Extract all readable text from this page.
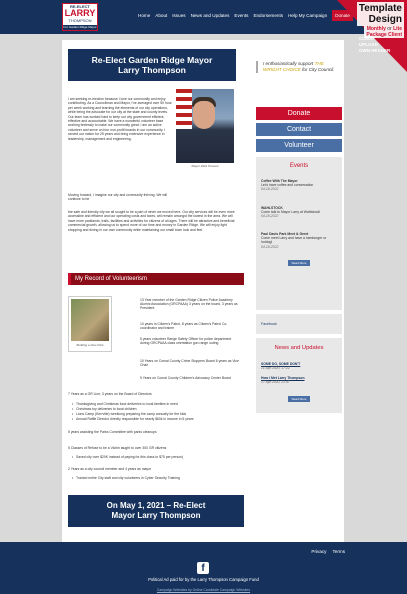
RE-ELECT
LARRY
THOMPSON
For Garden Ridge Mayor
Home About Issues News and Updates Events Endorsements Help My Campaign	Donate
Template
Design
Monthly or Lite
Package Client
CLIENT
UPLOAD
OWN HEADER
Re-Elect Garden Ridge Mayor
Larry Thompson

I am seeking re-election because I love our community and enjoy contributing. As a Councilman and Mayor, I've averaged over 50 hour per week working and learning the elements of our city operations, while being the advocate for our city at the state and county levels. Our team has worked hard to keep our city government efficient, effective and accountable. We have a wonderful volunteer base working tirelessly to make our community great. I am an active volunteer and serve on four non-profit boards in our community. I served our nation for 25 years and bring extensive experience in leadership, management and engineering.

Moving forward, I imagine our city and community thriving. We will continue to be

the safe and friendly city we all sought to be a part of when we moved here. Our city services will be even more accessible and efficient and our operating costs and taxes, will remain amongst the lowest in the area. We will have more parklands, trails, facilities and activities for citizens of all ages. There will be attractive and beneficial commercial growth, allowing us to spend more of our time and money in Garden Ridge. We will enjoy light shopping and dining in our own community while maintaining our small town look and feel.

Mayor 2021 Present
My Record of Volunteerism
Building a New Park
13 Year member of the Garden Ridge Citizen Police Academy Alumni Association (GRCPAAA) 3 years on the board, 3 years as President
10 years in Citizen's Patrol, 8 years as Citizen's Patrol Co-coordinator and trainer
5 years volunteer Range Safety Officer for police department during GRCPAAA class orientation gun range outing
10 Years on Comal County Crime Stoppers Board 6 years as Vice Chair
5 Years on Comal County Children's Advocacy Center Board
7 Years as a GR Lion; 3 years on the Board of Directors
• Thanksgiving and Christmas food deliveries to local families in need
• Christmas toy deliveries to local children
• Lions Camp (Kerrville) weeklong preparing the camp annually for the kids
• Annual Raffle Director directly responsible for nearly $60k in income in 5 years
5 years assisting the Parks Committee with parks cleanups
5 Classes of Refuse to be a Victim taught to over 300 GR citizens
• Saved city over $20K instead of paying for this class to $75 per person)
2 Years as a city council member and 4 years as mayor
• Trained entire City staff and city volunteers in Cyber Security Training
On May 1, 2021 – Re-Elect
Mayor Larry Thompson
I enthusiastically support THE WRIGHT CHOICE for City Council.
Donate
Contact
Volunteer
Events
Coffee With The Mayor
Let's have coffee and conversation
04-18-2022
WAHLSTOCK
Come talk to Mayor Larry at Wahlstock!
04-18-2022
Paul Davis Park Meet & Greet
Come meet Larry and have a hamburger or hotdog!
04-18-2022
Read More
Facebook
News and Updates
SOME DO, SOME DON'T
21 Apr 2020, 17:22
How I Met Larry Thompson
17 Apr 2020, 21:47
Read More
Privacy Terms
f
Political Ad paid for by the Larry Thompson Campaign Fund
Campaign Websites by Online Candidate Campaign Websites
